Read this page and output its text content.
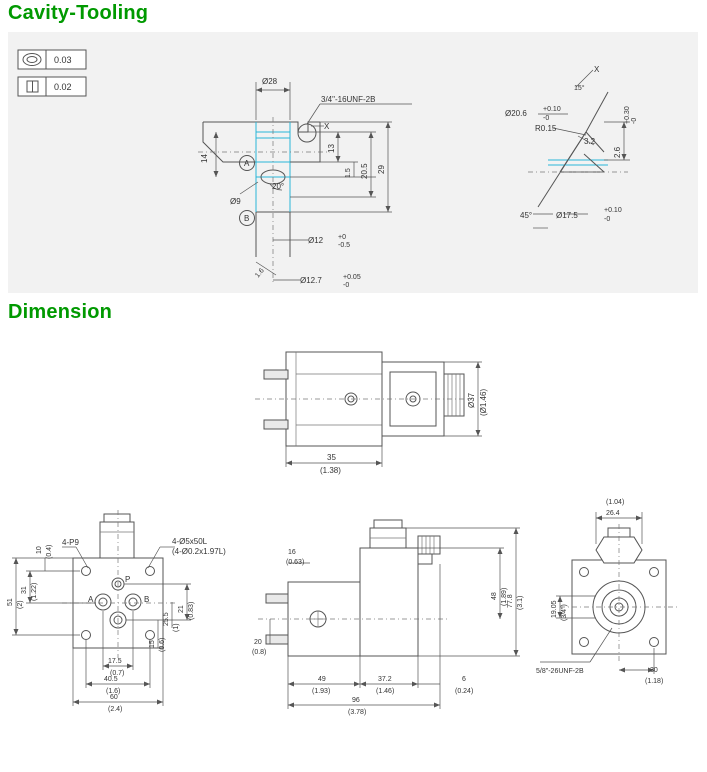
Cavity-Tooling
Dimension
0.03
0.02
Ø28
3/4"-16UNF-2B
14
A
B
Ø9
20°
13
1.5 20.5 29
X
Ø12 +0
-0.5
1.6
Ø12.7	+0.05
-0
X
15°
Ø20.6 +0.10
-0
R0.15
3.2
2.6
+0.30 -0
45°	Ø17.5
+0.10
-0
Ø37 (Ø1.46)
35
(1.38)
4-P9	4-Ø5x50L
(4-Ø0.2x1.97L)
P
A	B
10 (0.4)
31 (1.22)
51 (2)
21 (0.83)
25.5
(1)
15 (0.6)
17.5
(0.7)
40.5
(1.6)
60
(2.4)
16
(0.63)
20
(0.8)
48 (1.89) 77.8 (3.1)
49
(1.93)
37.2
(1.46)
6
(0.24)
96
(3.78)
26.4
(1.04)
19.05 (3/4")
5/8"-26UNF-2B	30
(1.18)
